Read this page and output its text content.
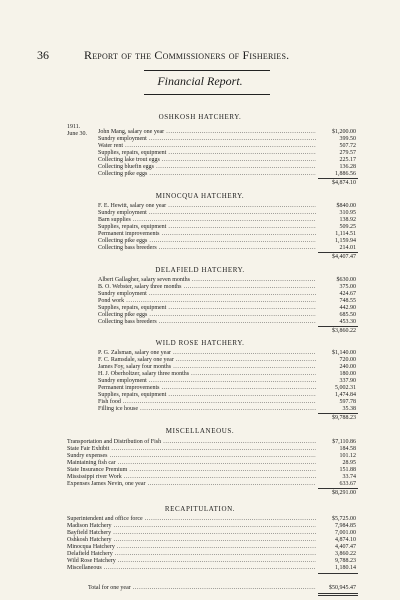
36	Report of the Commissioners of Fisheries.
Financial Report.
OSHKOSH HATCHERY.
1911.
June 30. John Mang, salary one year .....	$1,200.00
Sundry employment .....	399.50
Water rent .....	507.72
Supplies, repairs, equipment .....	279.57
Collecting lake trout eggs .....	225.17
Collecting bluefin eggs .....	136.28
Collecting pike eggs .....	1,886.56
$4,874.10
MINOCQUA HATCHERY.
F. E. Hewitt, salary one year .....	$840.00
Sundry employment .....	310.95
Barn supplies .....	138.92
Supplies, repairs, equipment .....	509.25
Permanent improvements .....	1,114.51
Collecting pike eggs .....	1,159.94
Collecting bass breeders .....	214.01
$4,407.47
DELAFIELD HATCHERY.
Albert Gallagher, salary seven months .....	$630.00
B. O. Webster, salary three months .....	375.00
Sundry employment .....	424.67
Pond work .....	748.55
Supplies, repairs, equipment .....	442.90
Collecting pike eggs .....	685.50
Collecting bass breeders .....	453.30
$3,860.22
WILD ROSE HATCHERY.
P. G. Zalsman, salary one year .....	$1,140.00
F. C. Ramsdale, salary one year .....	720.00
James Foy, salary four months .....	240.00
H. J. Oberholtzer, salary three months .....	180.00
Sundry employment .....	337.90
Permanent improvements .....	5,002.31
Supplies, repairs, equipment .....	1,474.84
Fish food .....	597.78
Filling ice house .....	35.38
$9,788.23
MISCELLANEOUS.
Transportation and Distribution of Fish .....	$7,110.86
State Fair Exhibit .....	184.58
Sundry expenses .....	101.12
Maintaining fish car .....	28.95
State Insurance Premium .....	151.88
Mississippi river Work .....	33.74
Expenses James Nevin, one year .....	633.67
$8,291.00
RECAPITULATION.
Superintendent and office force .....	$5,725.00
Madison Hatchery .....	7,984.85
Bayfield Hatchery .....	7,001.00
Oshkosh Hatchery .....	4,874.10
Minocqua Hatchery .....	4,407.47
Delafield Hatchery .....	3,860.22
Wild Rose Hatchery .....	9,788.23
Miscellaneous .....	1,180.14
Total for one year .....	$50,945.47
